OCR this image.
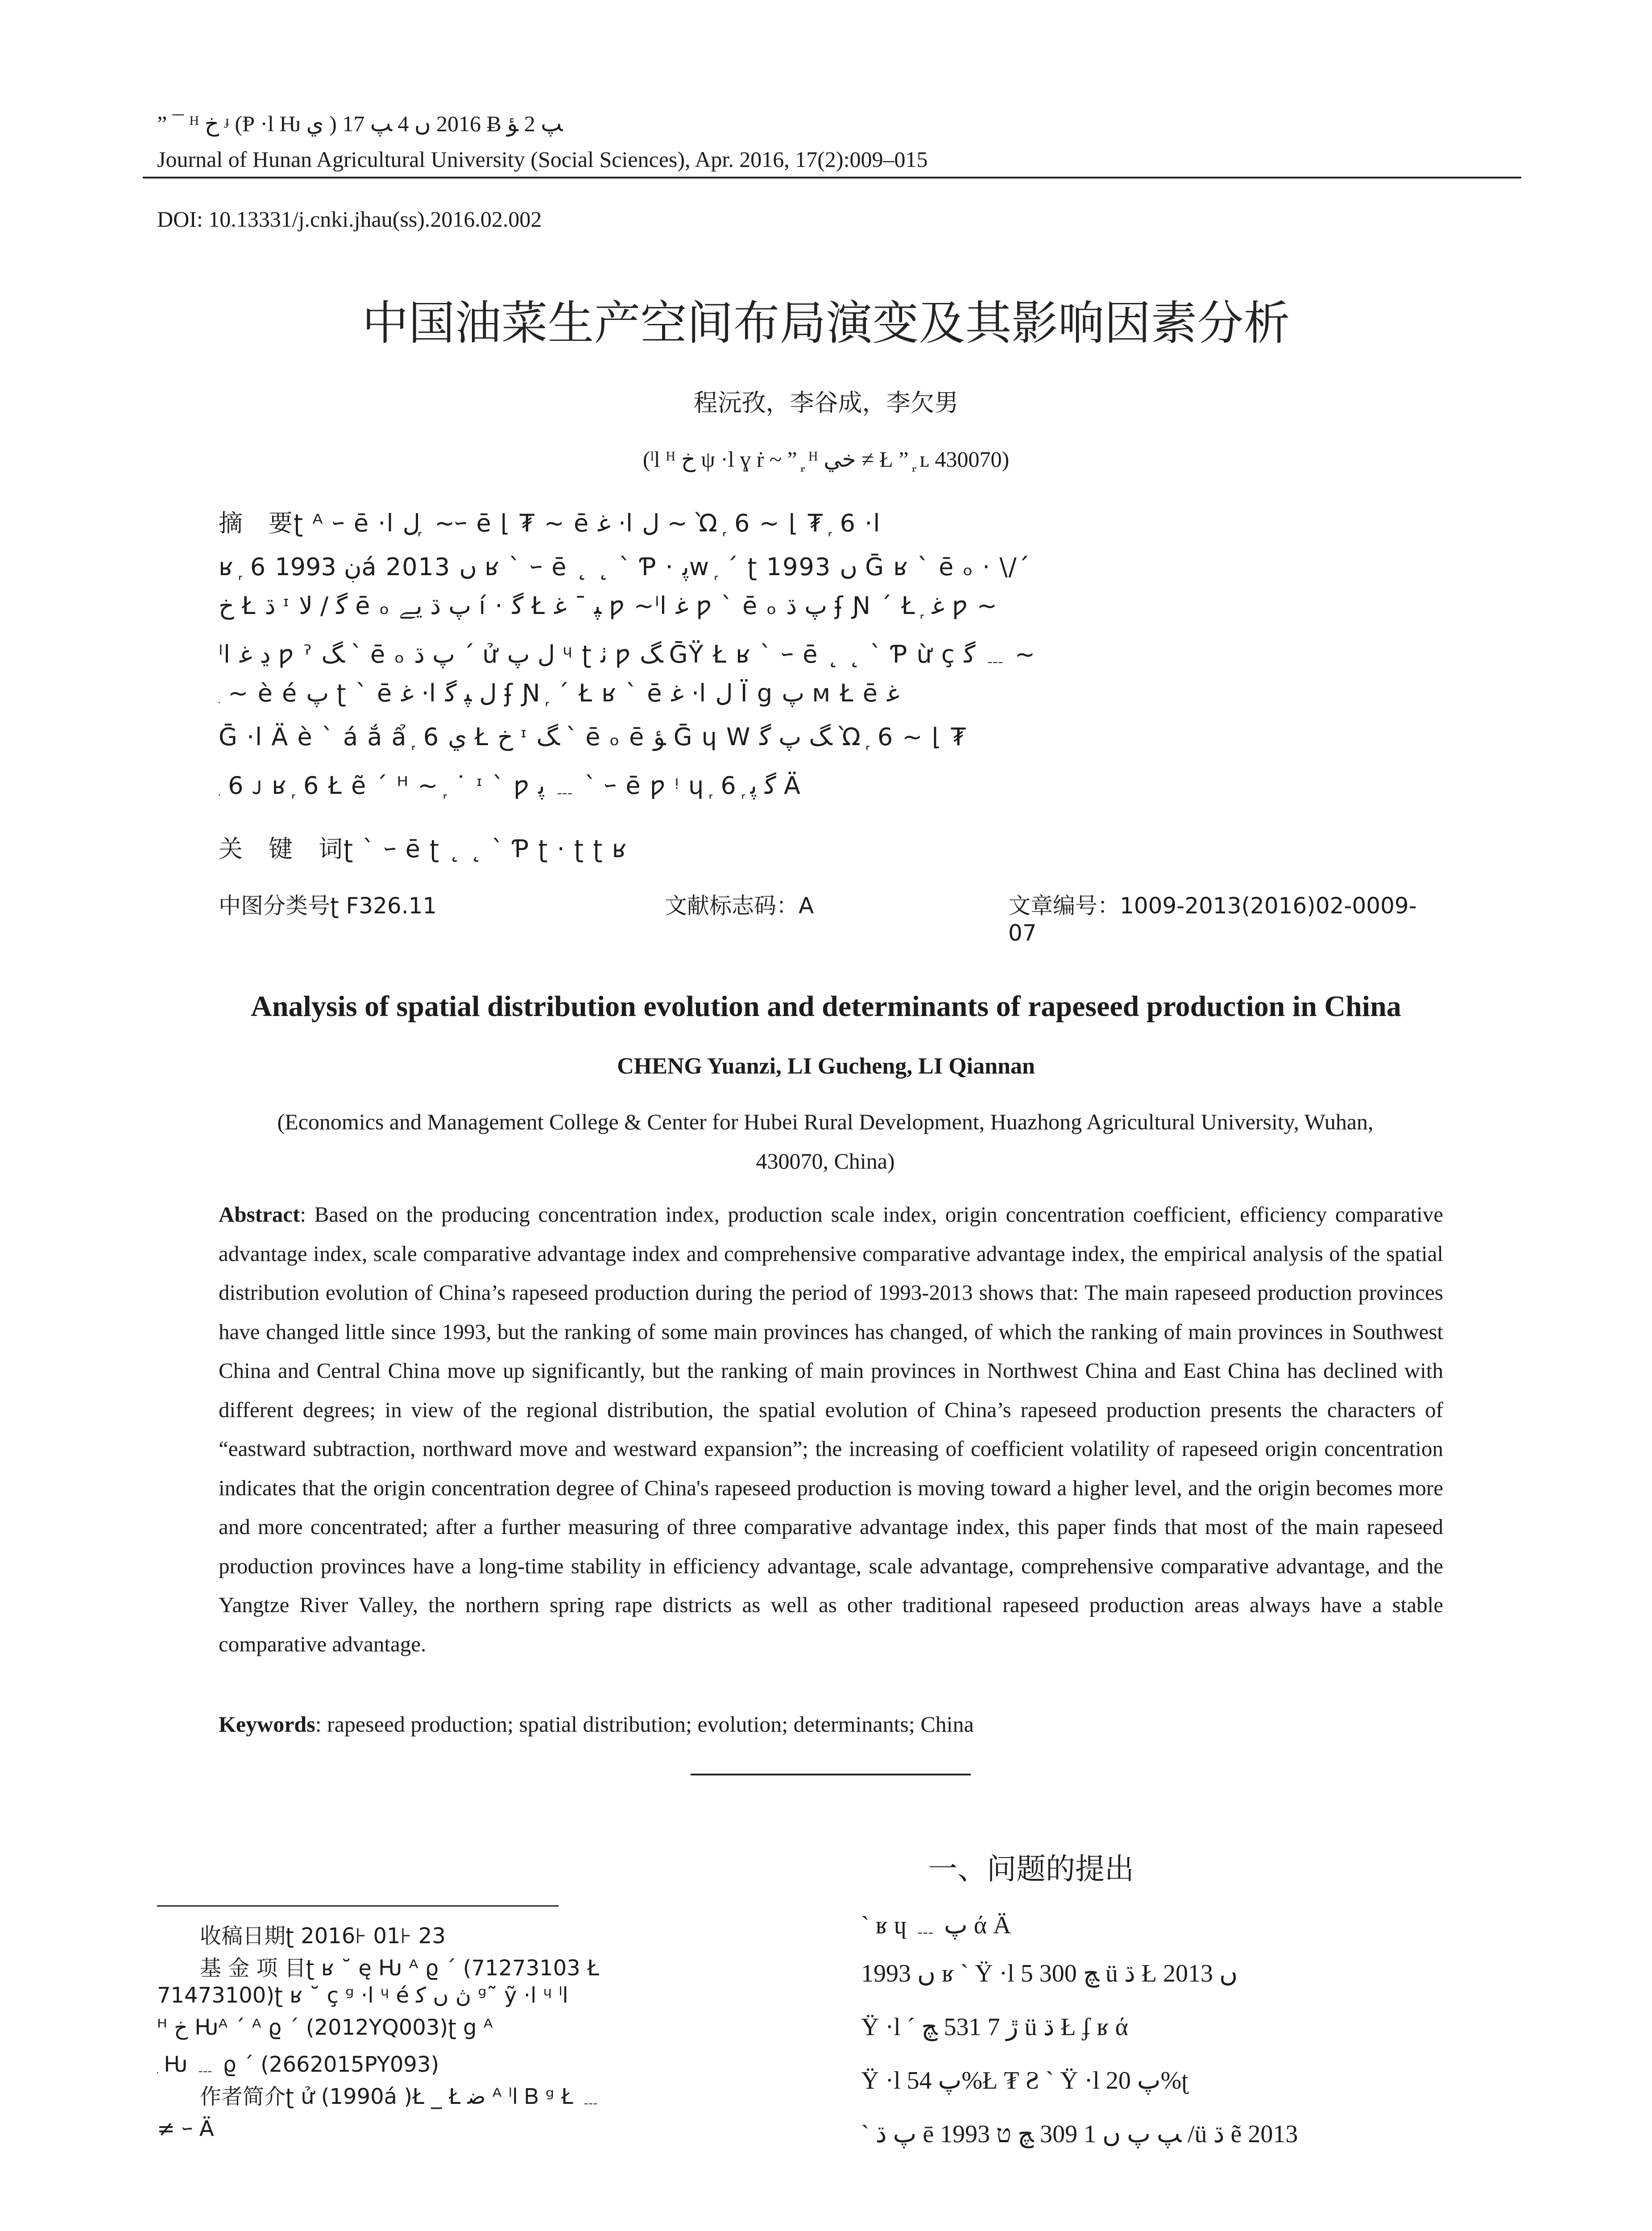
” ¯ ᴴ خ ᶡ (Ᵽ ·l Ƕ ي ) 2016 ں 4 ﭗ 17 Ƀ ﭗ 2 ﺆ
Journal of Hunan Agricultural University (Social Sciences), Apr. 2016, 17(2):009–015
DOI: 10.13331/j.cnki.jhau(ss).2016.02.002
中国油菜生产空间布局演变及其影响因素分析
程沅孜，李谷成，李欠男
(ˡl ᴴ خ ψ ·l ɣ ṙ ~ ” ᷊ ᴴ خي ≠ Ł ” ᷊ ʟ 430070)
摘　要ʈ ᴬ ｰ ē ·l ل ᷊ ~ｰ ē ⌊ ₮ ~ ē ﻏ ·l ل ~ Ὼ ᷊ 6 ~ ⌊ ₮ ᷊ 6 ·l
ʁ ᷊ 6 ڹ 1993á 2013 ں ʁ ˋ ｰ ē ˛ ˛ ˋ Ƥ · ﭘw ᷊ ´ ʈ 1993 ں Ḡ ʁ ˋ ē ₒ · \/´
خ Ł ڌ ᶦ ﮔ ∕ لا ē ₒ ﭖ ڌ ﻳﮯ ı́ · ﮔ Ł ﭙ ¯ ﻏ ƿ ~ˡl ﻏ ƿ ˋ ē ₒ ﭖ ڌ ʄ Ɲ ´ Ł ᷊ ﻏ ƿ ~
ˡl ڍ ﻏ ƿ ˀ ﮓ ˋ ē ₒ ﭖ ڌ ´ ử ل ﭖ ᶣ ʈ ﭠ ƿ ﮓ ḠŸ Ł ʁ ˋ ｰ ē ˛ ˛ ˋ Ƥ ừ ç ﮔ ﹍ ~
᷊ ~ è é ﭖ ʈ ˋ ē ﻏ ·l ل ﭙ ﮔ ʄ Ɲ ᷊ ´ Ł ʁ ˋ ē ﻏ ·l ل Ï g ﭖ ᴍ Ł ē ﻏ
Ḡ ·l Ä è ˋ á ắ ẩ ᷊ 6 ي Ł خ ᶦ ﮓ ˋ ē ₒ ē ﺆ Ḡ ɥ W ﮓ ﭖ ﮔ Ὼ ᷊ 6 ~ ⌊ ₮
᷊ 6 ᴊ ʁ ᷊ 6 Ł ẽ ´ ᴴ ~ ᷊ ˙ ᶦ ˋ ƿ ﭘ ﹍ ˋ ｰ ē ƿ ᵎ ɥ ᷊ ﮔ ﭘ ᷊ 6 Ä
关　键　词ʈ ˋ ｰ ē ʈ ˛ ˛ ˋ Ƥ ʈ · ʈ ʈ ʁ
中图分类号ʈ F326.11	文献标志码：A	文章编号：1009-2013(2016)02-0009-07
Analysis of spatial distribution evolution and determinants of rapeseed production in China
CHENG Yuanzi, LI Gucheng, LI Qiannan
(Economics and Management College & Center for Hubei Rural Development, Huazhong Agricultural University, Wuhan, 430070, China)
Abstract: Based on the producing concentration index, production scale index, origin concentration coefficient, efficiency comparative advantage index, scale comparative advantage index and comprehensive comparative advantage index, the empirical analysis of the spatial distribution evolution of China’s rapeseed production during the period of 1993-2013 shows that: The main rapeseed production provinces have changed little since 1993, but the ranking of some main provinces has changed, of which the ranking of main provinces in Southwest China and Central China move up significantly, but the ranking of main provinces in Northwest China and East China has declined with different degrees; in view of the regional distribution, the spatial evolution of China’s rapeseed production presents the characters of “eastward subtraction, northward move and westward expansion”; the increasing of coefficient volatility of rapeseed origin concentration indicates that the origin concentration degree of China's rapeseed production is moving toward a higher level, and the origin becomes more and more concentrated; after a further measuring of three comparative advantage index, this paper finds that most of the main rapeseed production provinces have a long-time stability in efficiency advantage, scale advantage, comprehensive comparative advantage, and the Yangtze River Valley, the northern spring rape districts as well as other traditional rapeseed production areas always have a stable comparative advantage.
Keywords: rapeseed production; spatial distribution; evolution; determinants; China
一、问题的提出
　　收稿日期ʈ 2016⊦ 01⊦ 23
　　基 金 项 目ʈ ʁ ˘ ę Ƕ ᴬ ϱ ˊ (71273103 Ł
71473100)ʈ ʁ ˘ ç ᵍ ·l ᶣ é ڽ ں ﮐ ᵍ˜ ỹ ·l ᶣ ˡl
ᴴ خ Ƕᴬ ˊ ᴬ ϱ ˊ (2012YQ003)ʈ g ᴬ
᷊ Ƕ ﹍ ϱ ˊ (2662015PY093)
　　作者简介ʈ ử (1990á )Ł _ Ł ﺿ ᴬ ˡl Ᏼ ᵍ Ł ﹍
≠ ｰ Ä
ˋ ʁ ɥ ﹍ ﭖ ά Ä
1993 ں ʁ ˋ Ÿ ·l 5 300 ﭻ ü ڌ Ł 2013 ں
Ÿ ·l ˊ ڙ 7 531 ﭻ ü ڌ Ł ʄ ʁ ά
Ÿ ·l ﭖ 54%Ł ₮ Ƨ ˋ Ÿ ·l ﭖ 20%ʈ
ˋ ﭖ ڌ ē 1993 ﭗ ﭖ ں 1 309 ﭻ ט /ü ڌ ẽ 2013
